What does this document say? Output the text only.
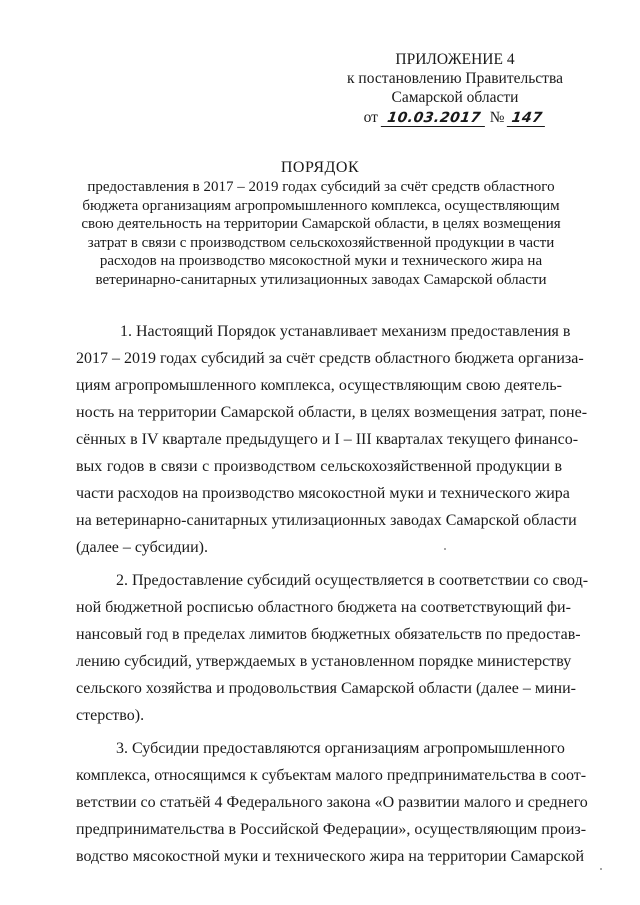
ПРИЛОЖЕНИЕ 4
к постановлению Правительства
Самарской области
от 10.03.2017 № 147
ПОРЯДОК
предоставления в 2017 – 2019 годах субсидий за счёт средств областного
бюджета организациям агропромышленного комплекса, осуществляющим
свою деятельность на территории Самарской области, в целях возмещения
затрат в связи с производством сельскохозяйственной продукции в части
расходов на производство мясокостной муки и технического жира на
ветеринарно-санитарных утилизационных заводах Самарской области
1. Настоящий Порядок устанавливает механизм предоставления в
2017 – 2019 годах субсидий за счёт средств областного бюджета организа-
циям агропромышленного комплекса, осуществляющим свою деятель-
ность на территории Самарской области, в целях возмещения затрат, поне-
сённых в IV квартале предыдущего и I – III кварталах текущего финансо-
вых годов в связи с производством сельскохозяйственной продукции в
части расходов на производство мясокостной муки и технического жира
на ветеринарно-санитарных утилизационных заводах Самарской области
(далее – субсидии).
2. Предоставление субсидий осуществляется в соответствии со свод-
ной бюджетной росписью областного бюджета на соответствующий фи-
нансовый год в пределах лимитов бюджетных обязательств по предостав-
лению субсидий, утверждаемых в установленном порядке министерству
сельского хозяйства и продовольствия Самарской области (далее – мини-
стерство).
3. Субсидии предоставляются организациям агропромышленного
комплекса, относящимся к субъектам малого предпринимательства в соот-
ветствии со статьёй 4 Федерального закона «О развитии малого и среднего
предпринимательства в Российской Федерации», осуществляющим произ-
водство мясокостной муки и технического жира на территории Самарской
